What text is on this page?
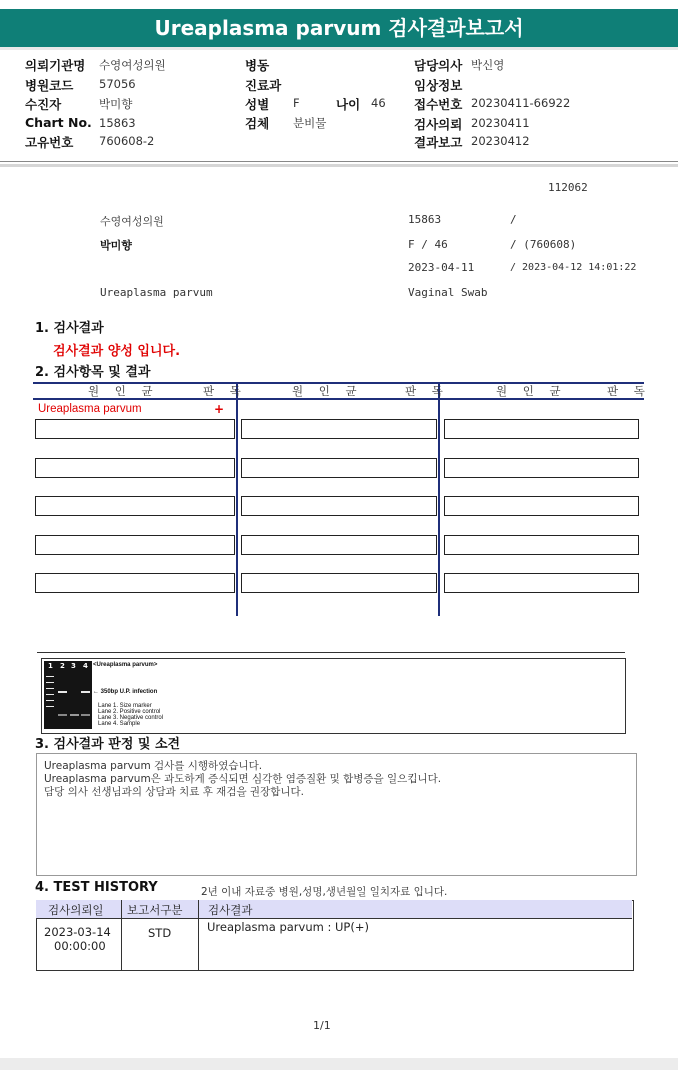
Ureaplasma parvum 검사결과보고서
의뢰기관명 수영여성의원
병원코드 57056
수진자	박미향
Chart No. 15863
고유번호 760608-2
병동
진료과
성별 F	나이 46
검체 분비물
담당의사 박신영
임상정보
접수번호 20230411-66922
검사의뢰 20230411
결과보고 20230412
112062
수영여성의원	15863	/
박미향	F / 46	/ (760608)
2023-04-11	/ 2023-04-12 14:01:22
Ureaplasma parvum	Vaginal Swab
1. 검사결과
검사결과 양성 입니다.
2. 검사항목 및 결과
원 인 균	판 독	원 인 균	판 독	원 인 균	판 독
Ureaplasma parvum	+
1 2 3 4 <Ureaplasma parvum>
← 350bp U.P. infection
Lane 1. Size marker
Lane 2. Positive control
Lane 3. Negative control
Lane 4. Sample
3. 검사결과 판정 및 소견
Ureaplasma parvum 검사를 시행하였습니다.
Ureaplasma parvum은 과도하게 증식되면 심각한 염증질환 및 합병증을 일으킵니다.
담당 의사 선생님과의 상담과 치료 후 재검을 권장합니다.
4. TEST HISTORY	2년 이내 자료중 병원,성명,생년월일 일치자료 입니다.
검사의뢰일 보고서구분 검사결과
2023-03-14
00:00:00
STD	Ureaplasma parvum : UP(+)
1/1
